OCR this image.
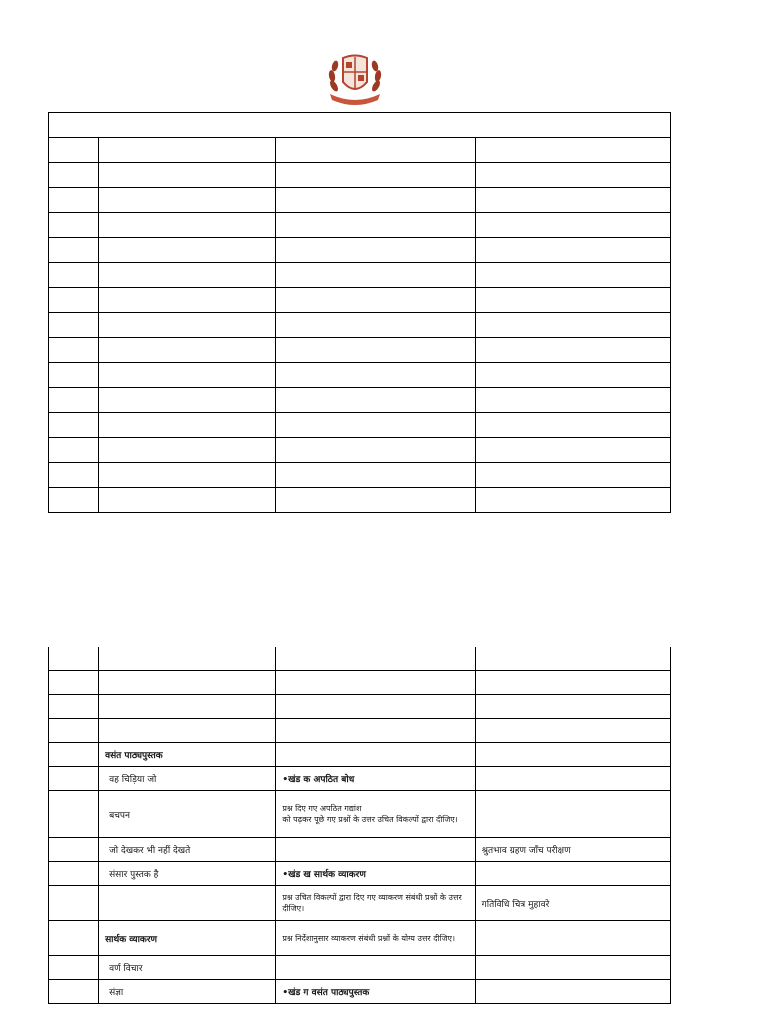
	वसंत पाठ्यपुस्तक		

	वह चिड़िया जो	•खंड क अपठित बोध	

	बचपन	प्रश्न दिए गए अपठित गद्यांश
को पढ़कर पूछे गए प्रश्नों के उत्तर उचित विकल्पों द्वारा दीजिए।	

	जो देखकर भी नहीं देखते		श्रुतभाव ग्रहण जाँच परीक्षण

	संसार पुस्तक है	•खंड ख सार्थक व्याकरण	

		प्रश्न उचित विकल्पों द्वारा दिए गए व्याकरण संबंधी प्रश्नों के उत्तर दीजिए।	गतिविधि चित्र मुहावरे

	सार्थक व्याकरण	प्रश्न निर्देशानुसार व्याकरण संबंधी प्रश्नों के योग्य उत्तर दीजिए।	

	वर्ण विचार		

	संज्ञा	•खंड ग वसंत पाठ्यपुस्तक	
